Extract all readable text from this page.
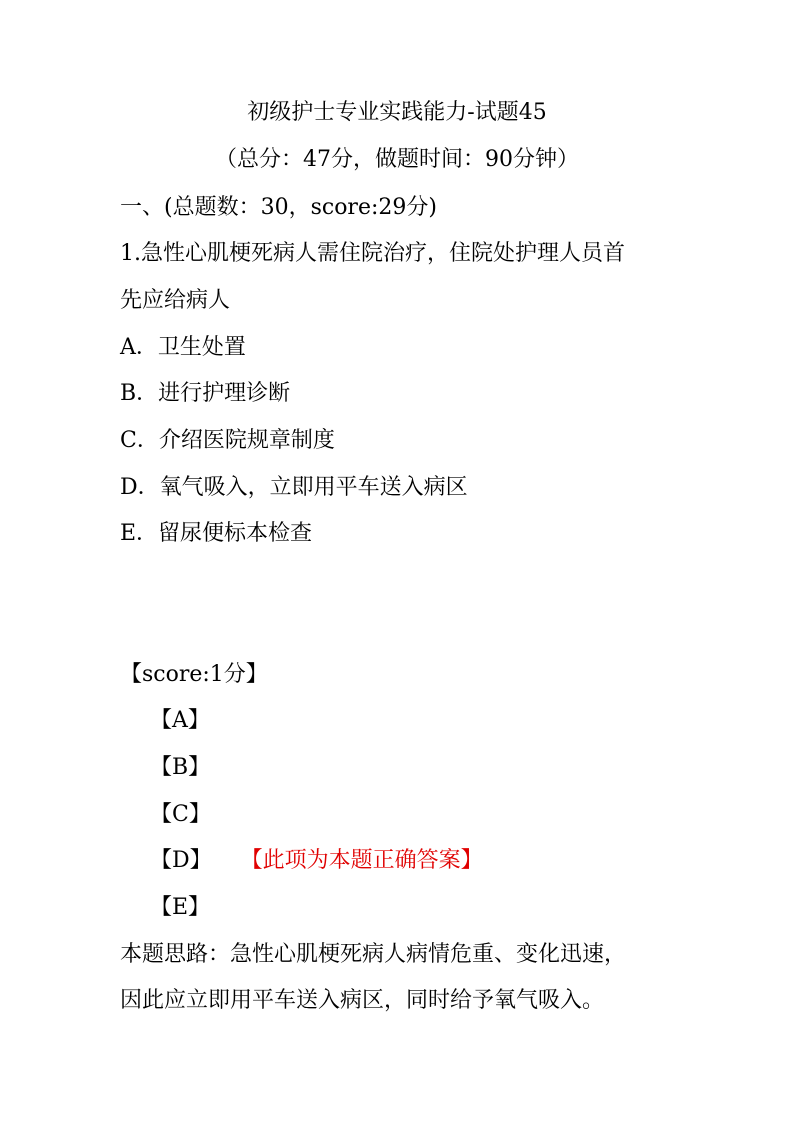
初级护士专业实践能力-试题45
（总分：47分，做题时间：90分钟）
一、(总题数：30，score:29分)
1.急性心肌梗死病人需住院治疗，住院处护理人员首
先应给病人
A．卫生处置
B．进行护理诊断
C．介绍医院规章制度
D．氧气吸入，立即用平车送入病区
E．留尿便标本检查
【score:1分】
【A】
【B】
【C】
【D】 【此项为本题正确答案】
【E】
本题思路：急性心肌梗死病人病情危重、变化迅速，
因此应立即用平车送入病区，同时给予氧气吸入。
